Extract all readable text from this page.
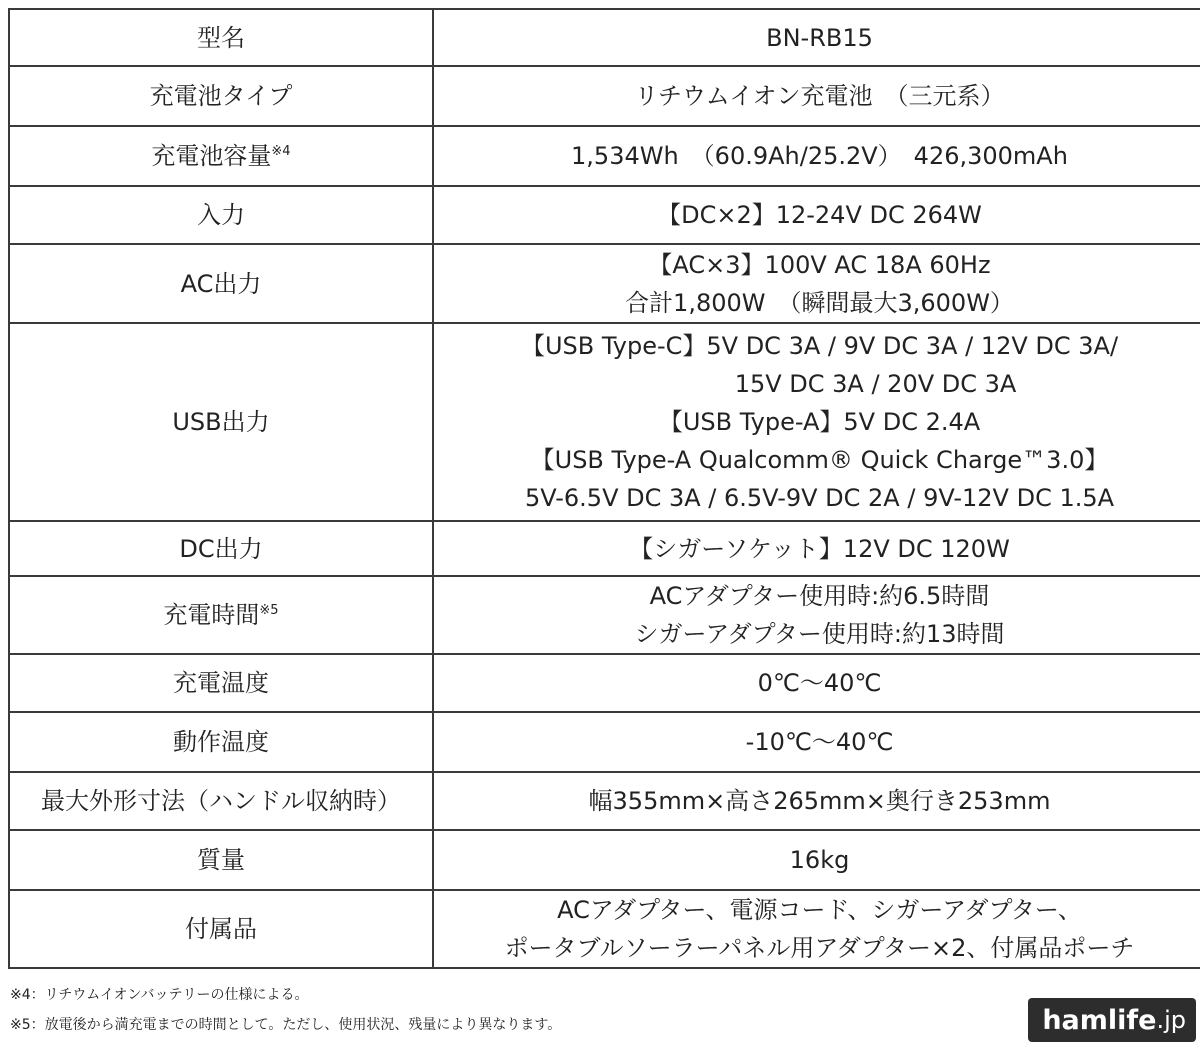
型名	BN-RB15

充電池タイプ	リチウムイオン充電池　（三元系）

充電池容量$^{※4}$	1,534Wh　（60.9Ah/25.2V）　426,300mAh

入力	【DC×2】12-24V DC 264W

AC出力	【AC×3】100V AC 18A 60Hz
合計1,800W　（瞬間最大3,600W）

USB出力	【USB Type-C】5V DC 3A / 9V DC 3A / 12V DC 3A/
15V DC 3A / 20V DC 3A
【USB Type-A】5V DC 2.4A
【USB Type-A Qualcomm® Quick Charge™3.0】
5V-6.5V DC 3A / 6.5V-9V DC 2A / 9V-12V DC 1.5A

DC出力	【シガーソケット】12V DC 120W

充電時間$^{※5}$	ACアダプター使用時:約6.5時間
シガーアダプター使用時:約13時間

充電温度	0℃～40℃

動作温度	-10℃～40℃

最大外形寸法（ハンドル収納時）	幅355mm×高さ265mm×奥行き253mm

質量	16kg

付属品	ACアダプター、電源コード、シガーアダプター、
ポータブルソーラーパネル用アダプター×2、付属品ポーチ
※4：リチウムイオンバッテリーの仕様による。
※5：放電後から満充電までの時間として。ただし、使用状況、残量により異なります。	hamlife .jp
